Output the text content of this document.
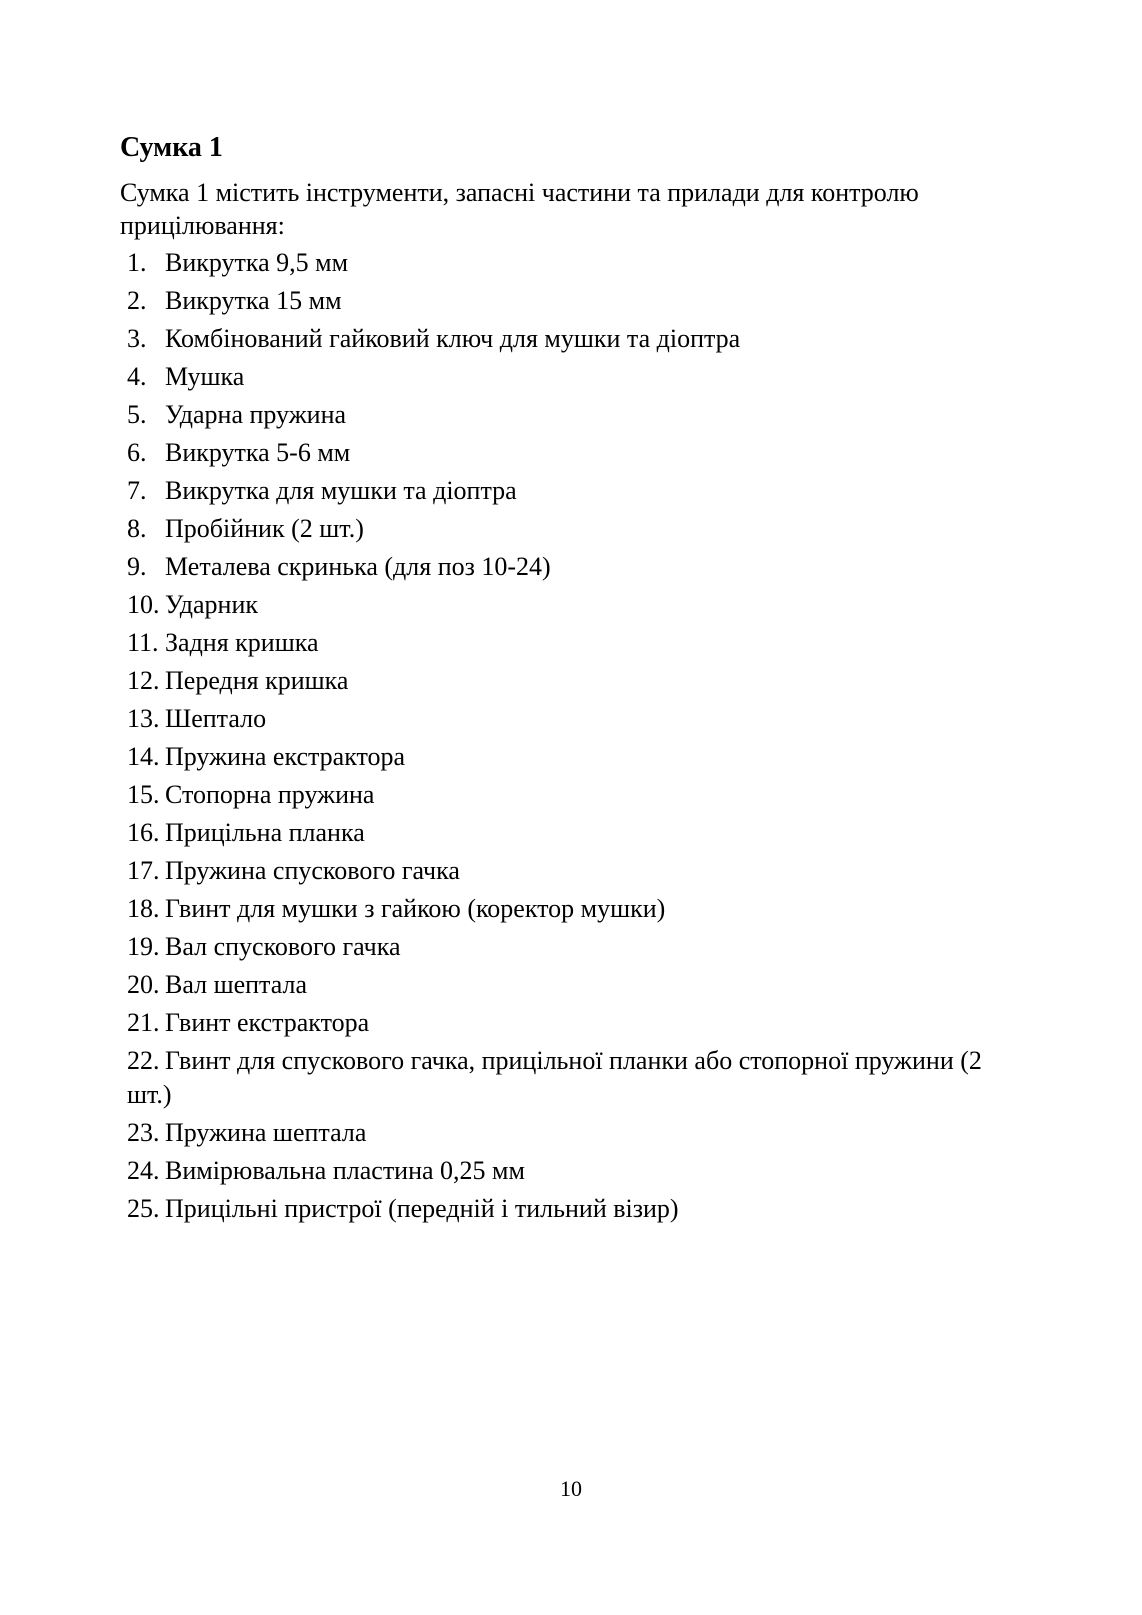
Сумка 1

Сумка 1 містить інструменти, запасні частини та прилади для контролю прицілювання:

1. Викрутка 9,5 мм
2. Викрутка 15 мм
3. Комбінований гайковий ключ для мушки та діоптра
4. Мушка
5. Ударна пружина
6. Викрутка 5-6 мм
7. Викрутка для мушки та діоптра
8. Пробійник (2 шт.)
9. Металева скринька (для поз 10-24)
10. Ударник
11. Задня кришка
12. Передня кришка
13. Шептало
14. Пружина екстрактора
15. Стопорна пружина
16. Прицільна планка
17. Пружина спускового гачка
18. Гвинт для мушки з гайкою (коректор мушки)
19. Вал спускового гачка
20. Вал шептала
21. Гвинт екстрактора
22. Гвинт для спускового гачка, прицільної планки або стопорної пружини (2 шт.)
23. Пружина шептала
24. Вимірювальна пластина 0,25 мм
25. Прицільні пристрої (передній і тильний візир)
10
